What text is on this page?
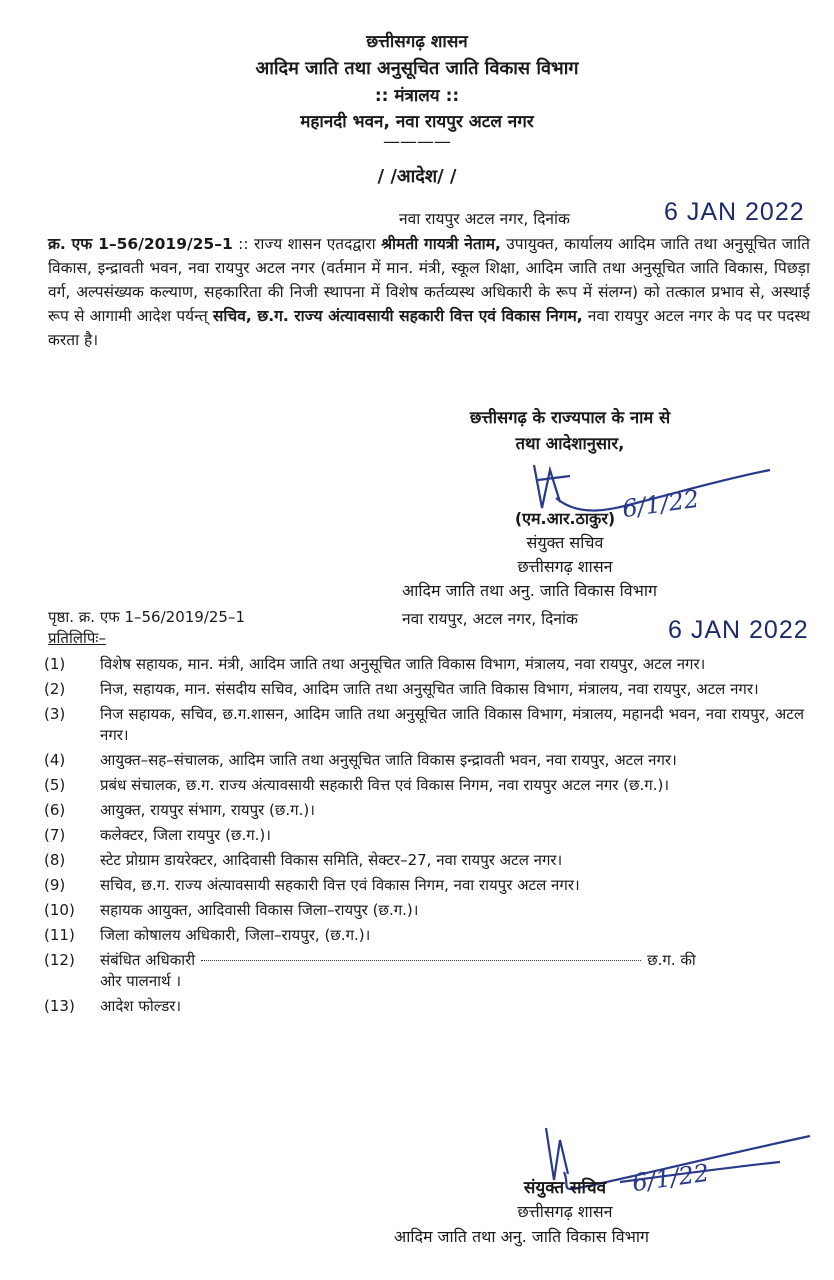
छत्तीसगढ़ शासन
आदिम जाति तथा अनुसूचित जाति विकास विभाग
:: मंत्रालय ::
महानदी भवन, नवा रायपुर अटल नगर
————
/ /आदेश/ /
नवा रायपुर अटल नगर, दिनांक	6 JAN 2022
क्र. एफ 1–56/2019/25–1 :: राज्य शासन एतदद्वारा श्रीमती गायत्री नेताम, उपायुक्त, कार्यालय आदिम जाति तथा अनुसूचित जाति विकास, इन्द्रावती भवन, नवा रायपुर अटल नगर (वर्तमान में मान. मंत्री, स्कूल शिक्षा, आदिम जाति तथा अनुसूचित जाति विकास, पिछड़ा वर्ग, अल्पसंख्यक कल्याण, सहकारिता की निजी स्थापना में विशेष कर्तव्यस्थ अधिकारी के रूप में संलग्न) को तत्काल प्रभाव से, अस्थाई रूप से आगामी आदेश पर्यन्त् सचिव, छ.ग. राज्य अंत्यावसायी सहकारी वित्त एवं विकास निगम, नवा रायपुर अटल नगर के पद पर पदस्थ करता है।
छत्तीसगढ़ के राज्यपाल के नाम से
तथा आदेशानुसार,
6/1/22
(एम.आर.ठाकुर)
संयुक्त सचिव
छत्तीसगढ़ शासन
आदिम जाति तथा अनु. जाति विकास विभाग
पृष्ठा. क्र. एफ 1–56/2019/25–1	नवा रायपुर, अटल नगर, दिनांक	6 JAN 2022
प्रतिलिपिः–
(1)	विशेष सहायक, मान. मंत्री, आदिम जाति तथा अनुसूचित जाति विकास विभाग, मंत्रालय, नवा रायपुर, अटल नगर।
(2)	निज, सहायक, मान. संसदीय सचिव, आदिम जाति तथा अनुसूचित जाति विकास विभाग, मंत्रालय, नवा रायपुर, अटल नगर।
(3)	निज सहायक, सचिव, छ.ग.शासन, आदिम जाति तथा अनुसूचित जाति विकास विभाग, मंत्रालय, महानदी भवन, नवा रायपुर, अटल नगर।
(4)	आयुक्त–सह–संचालक, आदिम जाति तथा अनुसूचित जाति विकास इन्द्रावती भवन, नवा रायपुर, अटल नगर।
(5)	प्रबंध संचालक, छ.ग. राज्य अंत्यावसायी सहकारी वित्त एवं विकास निगम, नवा रायपुर अटल नगर (छ.ग.)।
(6)	आयुक्त, रायपुर संभाग, रायपुर (छ.ग.)।
(7)	कलेक्टर, जिला रायपुर (छ.ग.)।
(8)	स्टेट प्रोग्राम डायरेक्टर, आदिवासी विकास समिति, सेक्टर–27, नवा रायपुर अटल नगर।
(9)	सचिव, छ.ग. राज्य अंत्यावसायी सहकारी वित्त एवं विकास निगम, नवा रायपुर अटल नगर।
(10)	सहायक आयुक्त, आदिवासी विकास जिला–रायपुर (छ.ग.)।
(11)	जिला कोषालय अधिकारी, जिला–रायपुर, (छ.ग.)।
(12)	संबंधित अधिकारी	छ.ग. की
ओर पालनार्थ ।
(13)	आदेश फोल्डर।
6/1/22
संयुक्त सचिव
छत्तीसगढ़ शासन
आदिम जाति तथा अनु. जाति विकास विभाग
